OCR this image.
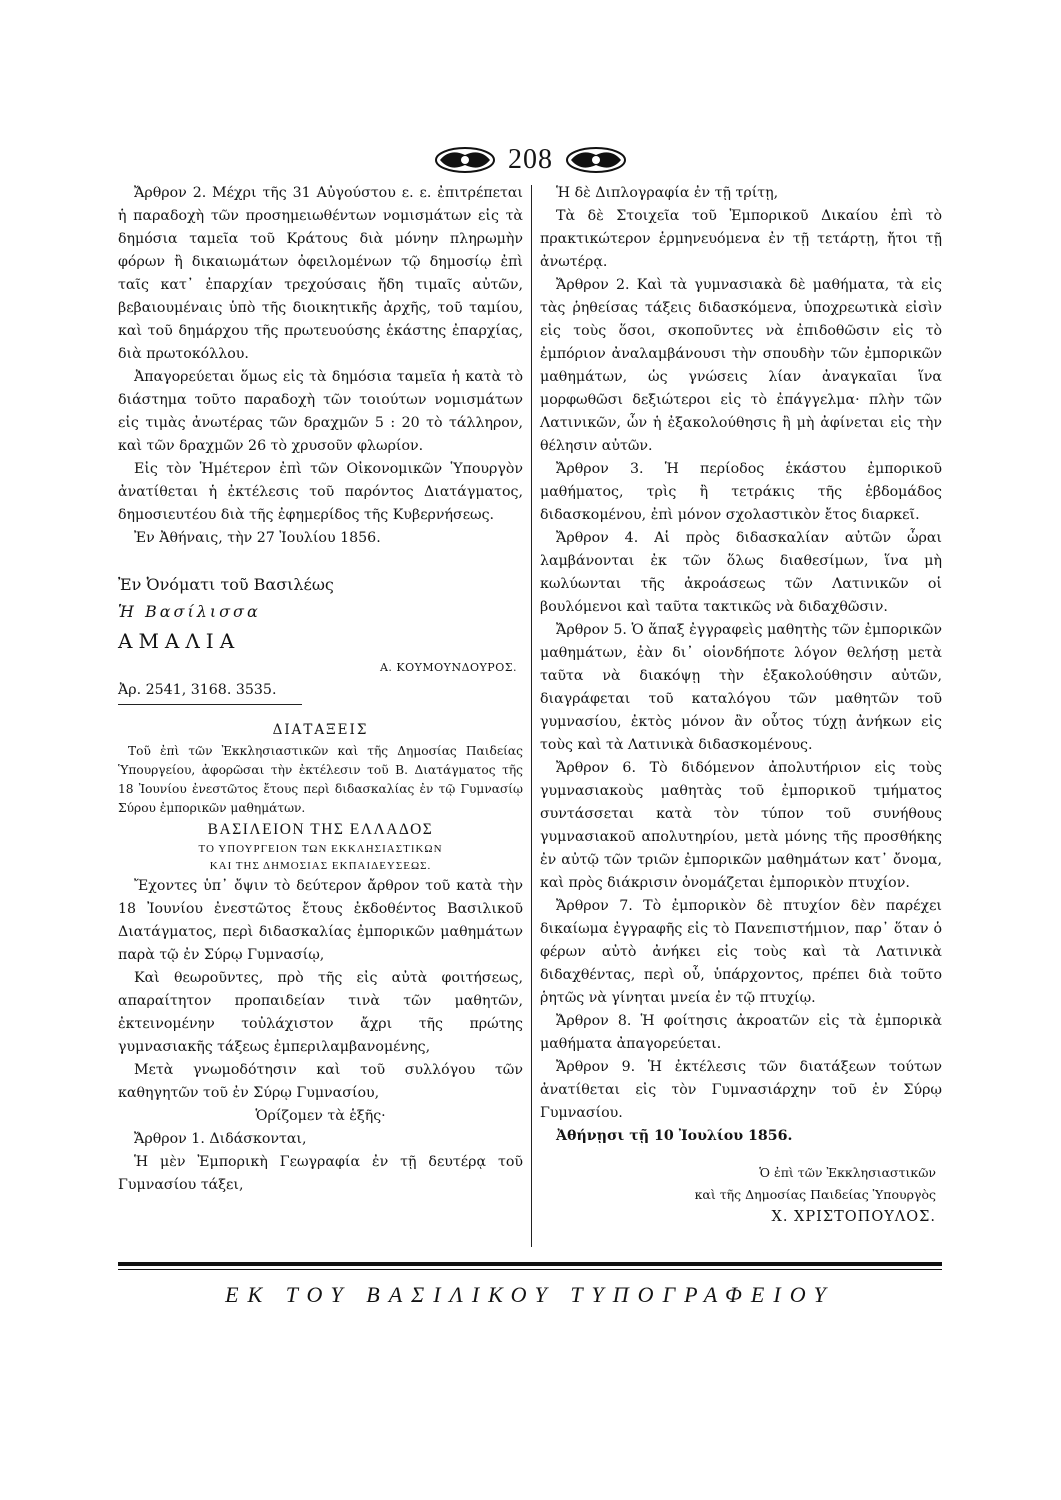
208

Ἄρθρον 2. Μέχρι τῆς 31 Αὐγούστου ε. ε. ἐπιτρέπεται ἡ παραδοχὴ τῶν προσημειωθέντων νομισμάτων εἰς τὰ δημόσια ταμεῖα τοῦ Κράτους διὰ μόνην πληρωμὴν φόρων ἢ δικαιωμάτων ὀφειλομένων τῷ δημοσίῳ ἐπὶ ταῖς κατ᾿ ἐπαρχίαν τρεχούσαις ἤδη τιμαῖς αὐτῶν, βεβαιουμέναις ὑπὸ τῆς διοικητικῆς ἀρχῆς, τοῦ ταμίου, καὶ τοῦ δημάρχου τῆς πρωτευούσης ἑκάστης ἐπαρχίας, διὰ πρωτοκόλλου.

Ἀπαγορεύεται ὅμως εἰς τὰ δημόσια ταμεῖα ἡ κατὰ τὸ διάστημα τοῦτο παραδοχὴ τῶν τοιούτων νομισμάτων εἰς τιμὰς ἀνωτέρας τῶν δραχμῶν 5 : 20 τὸ τάλληρον, καὶ τῶν δραχμῶν 26 τὸ χρυσοῦν φλωρίον.

Εἰς τὸν Ἡμέτερον ἐπὶ τῶν Οἰκονομικῶν Ὑπουργὸν ἀνατίθεται ἡ ἐκτέλεσις τοῦ παρόντος Διατάγματος, δημοσιευτέου διὰ τῆς ἐφημερίδος τῆς Κυβερνήσεως.

Ἐν Ἀθήναις, τὴν 27 Ἰουλίου 1856.

Ἐν Ὀνόματι τοῦ Βασιλέως

Ἡ Βασίλισσα

ΑΜΑΛΙΑ

Α. ΚΟΥΜΟΥΝΔΟΥΡΟΣ.

Ἀρ. 2541, 3168. 3535.

ΔΙΑΤΑΞΕΙΣ

Τοῦ ἐπὶ τῶν Ἐκκλησιαστικῶν καὶ τῆς Δημοσίας Παιδείας Ὑπουργείου, ἀφορῶσαι τὴν ἐκτέλεσιν τοῦ Β. Διατάγματος τῆς 18 Ἰουνίου ἐνεστῶτος ἔτους περὶ διδασκαλίας ἐν τῷ Γυμνασίῳ Σύρου ἐμπορικῶν μαθημάτων.

ΒΑΣΙΛΕΙΟΝ ΤΗΣ ΕΛΛΑΔΟΣ

ΤΟ ΥΠΟΥΡΓΕΙΟΝ ΤΩΝ ΕΚΚΛΗΣΙΑΣΤΙΚΩΝ

ΚΑΙ ΤΗΣ ΔΗΜΟΣΙΑΣ ΕΚΠΑΙΔΕΥΣΕΩΣ.

Ἔχοντες ὑπ᾿ ὄψιν τὸ δεύτερον ἄρθρον τοῦ κατὰ τὴν 18 Ἰουνίου ἐνεστῶτος ἔτους ἐκδοθέντος Βασιλικοῦ Διατάγματος, περὶ διδασκαλίας ἐμπορικῶν μαθημάτων παρὰ τῷ ἐν Σύρῳ Γυμνασίῳ,

Καὶ θεωροῦντες, πρὸ τῆς εἰς αὐτὰ φοιτήσεως, απαραίτητον προπαιδείαν τινὰ τῶν μαθητῶν, ἐκτεινομένην τοὐλάχιστον ἄχρι τῆς πρώτης γυμνασιακῆς τάξεως ἐμπεριλαμβανομένης,

Μετὰ γνωμοδότησιν καὶ τοῦ συλλόγου τῶν καθηγητῶν τοῦ ἐν Σύρῳ Γυμνασίου,

Ὁρίζομεν τὰ ἑξῆς·

Ἄρθρον 1. Διδάσκονται,

Ἡ μὲν Ἐμπορικὴ Γεωγραφία ἐν τῇ δευτέρᾳ τοῦ Γυμνασίου τάξει,

Ἡ δὲ Διπλογραφία ἐν τῇ τρίτῃ,

Τὰ δὲ Στοιχεῖα τοῦ Ἐμπορικοῦ Δικαίου ἐπὶ τὸ πρακτικώτερον ἑρμηνευόμενα ἐν τῇ τετάρτῃ, ἤτοι τῇ ἀνωτέρᾳ.

Ἄρθρον 2. Καὶ τὰ γυμνασιακὰ δὲ μαθήματα, τὰ εἰς τὰς ῥηθείσας τάξεις διδασκόμενα, ὑποχρεωτικὰ εἰσὶν εἰς τοὺς ὅσοι, σκοποῦντες νὰ ἐπιδοθῶσιν εἰς τὸ ἐμπόριον ἀναλαμβάνουσι τὴν σπουδὴν τῶν ἐμπορικῶν μαθημάτων, ὡς γνώσεις λίαν ἀναγκαῖαι ἵνα μορφωθῶσι δεξιώτεροι εἰς τὸ ἐπάγγελμα· πλὴν τῶν Λατινικῶν, ὧν ἡ ἐξακολούθησις ἢ μὴ ἀφίνεται εἰς τὴν θέλησιν αὐτῶν.

Ἄρθρον 3. Ἡ περίοδος ἑκάστου ἐμπορικοῦ μαθήματος, τρὶς ἢ τετράκις τῆς ἑβδομάδος διδασκομένου, ἐπὶ μόνον σχολαστικὸν ἔτος διαρκεῖ.

Ἄρθρον 4. Αἱ πρὸς διδασκαλίαν αὐτῶν ὧραι λαμβάνονται ἐκ τῶν ὅλως διαθεσίμων, ἵνα μὴ κωλύωνται τῆς ἀκροάσεως τῶν Λατινικῶν οἱ βουλόμενοι καὶ ταῦτα τακτικῶς νὰ διδαχθῶσιν.

Ἄρθρον 5. Ὁ ἅπαξ ἐγγραφεὶς μαθητὴς τῶν ἐμπορικῶν μαθημάτων, ἐὰν δι᾿ οἱονδήποτε λόγον θελήσῃ μετὰ ταῦτα νὰ διακόψῃ τὴν ἐξακολούθησιν αὐτῶν, διαγράφεται τοῦ καταλόγου τῶν μαθητῶν τοῦ γυμνασίου, ἐκτὸς μόνον ἂν οὗτος τύχῃ ἀνήκων εἰς τοὺς καὶ τὰ Λατινικὰ διδασκομένους.

Ἄρθρον 6. Τὸ διδόμενον ἀπολυτήριον εἰς τοὺς γυμνασιακοὺς μαθητὰς τοῦ ἐμπορικοῦ τμήματος συντάσσεται κατὰ τὸν τύπον τοῦ συνήθους γυμνασιακοῦ απολυτηρίου, μετὰ μόνης τῆς προσθήκης ἐν αὐτῷ τῶν τριῶν ἐμπορικῶν μαθημάτων κατ᾿ ὄνομα, καὶ πρὸς διάκρισιν ὀνομάζεται ἐμπορικὸν πτυχίον.

Ἄρθρον 7. Τὸ ἐμπορικὸν δὲ πτυχίον δὲν παρέχει δικαίωμα ἐγγραφῆς εἰς τὸ Πανεπιστήμιον, παρ᾿ ὅταν ὁ φέρων αὐτὸ ἀνήκει εἰς τοὺς καὶ τὰ Λατινικὰ διδαχθέντας, περὶ οὗ, ὑπάρχοντος, πρέπει διὰ τοῦτο ῥητῶς νὰ γίνηται μνεία ἐν τῷ πτυχίῳ.

Ἄρθρον 8. Ἡ φοίτησις ἀκροατῶν εἰς τὰ ἐμπορικὰ μαθήματα ἀπαγορεύεται.

Ἄρθρον 9. Ἡ ἐκτέλεσις τῶν διατάξεων τούτων ἀνατίθεται εἰς τὸν Γυμνασιάρχην τοῦ ἐν Σύρῳ Γυμνασίου.

Ἀθήνῃσι τῇ 10 Ἰουλίου 1856.

Ὁ ἐπὶ τῶν Ἐκκλησιαστικῶν

καὶ τῆς Δημοσίας Παιδείας Ὑπουργὸς

Χ. ΧΡΙΣΤΟΠΟΥΛΟΣ.

ΕΚ ΤΟΥ ΒΑΣΙΛΙΚΟΥ ΤΥΠΟΓΡΑΦΕΙΟΥ
